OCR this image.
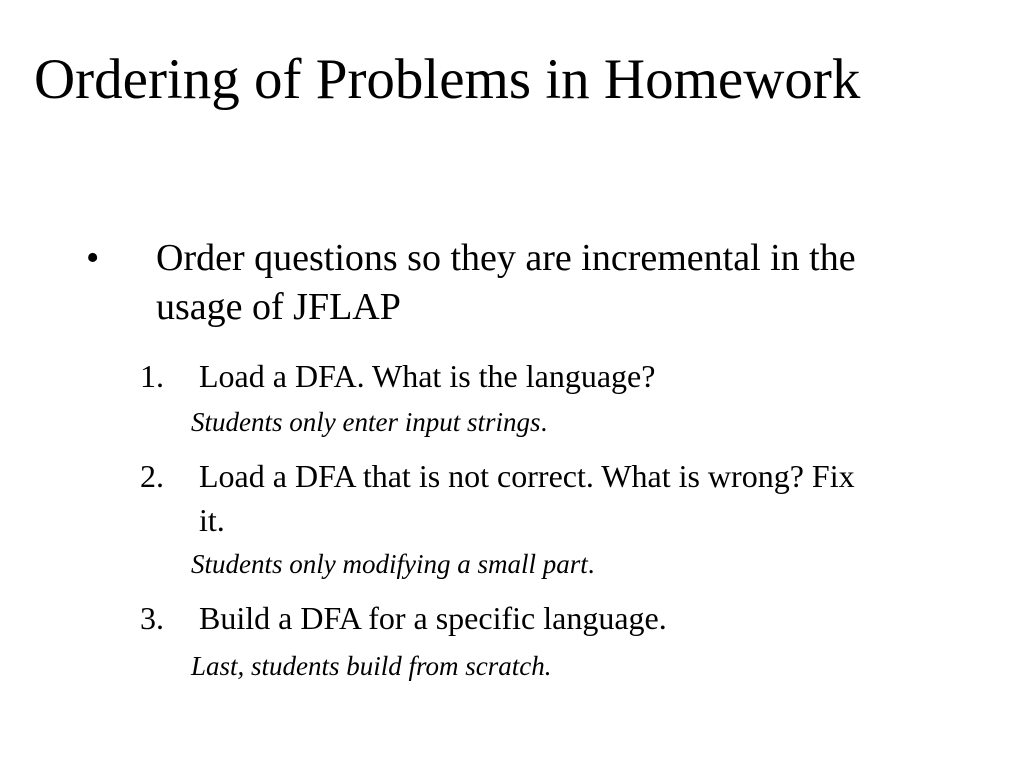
Ordering of Problems in Homework
•	Order questions so they are incremental in the usage of JFLAP
1.	Load a DFA. What is the language?
Students only enter input strings.
2.	Load a DFA that is not correct. What is wrong? Fix it.
Students only modifying a small part.
3.	Build a DFA for a specific language.
Last, students build from scratch.
